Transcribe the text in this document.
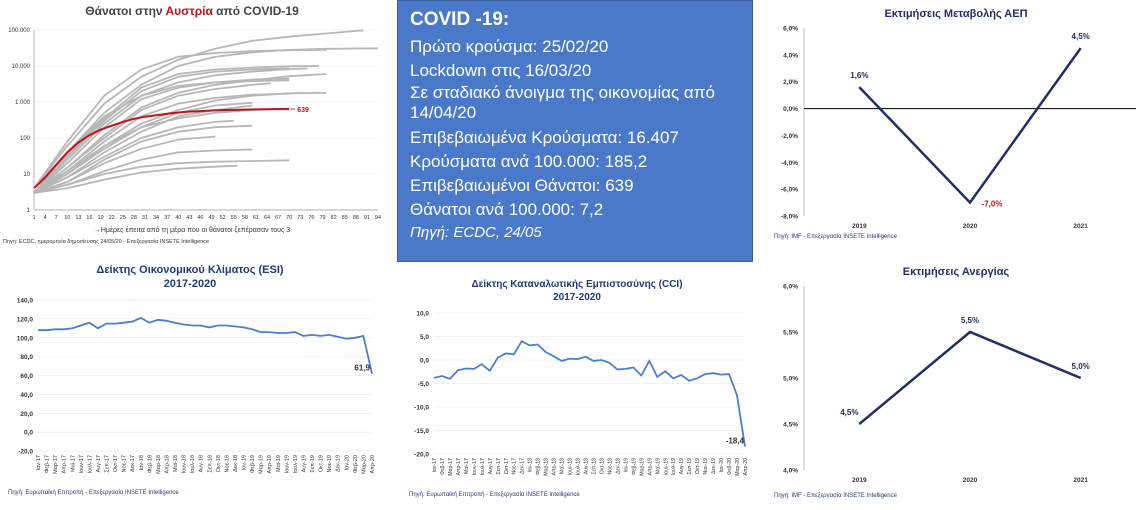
Θάνατοι στην Αυστρία από COVID-19
639
100.000
10.000
1.000
100
10
1
1 4 7 10 13 16 19 22 25 28 31 34 37 40 43 46 49 52 55 58 61 64 67 70 73 76 79 82 85 88 91 94
→Ημέρες έπειτα από τη μέρα που οι θάνατοι ξεπέρασαν τους 3
Πηγή: ECDC, ημερομηνία δημοσίευσης 24/05/20 - Επεξεργασία INSETE Intelligence
COVID -19:
Πρώτο κρούσμα: 25/02/20
Lockdown στις 16/03/20
Σε σταδιακό άνοιγμα της οικονομίας από 14/04/20
Επιβεβαιωμένα Κρούσματα: 16.407
Κρούσματα ανά 100.000: 185,2
Επιβεβαιωμένοι Θάνατοι: 639
Θάνατοι ανά 100.000: 7,2
Πηγή: ECDC, 24/05
Εκτιμήσεις Μεταβολής ΑΕΠ
6,0%
4,0%
2,0%
0,0%
-2,0%
-4,0%
-6,0%
-8,0%
2019	2020	2021
1,6%
-7,0%
4,5%
Πηγή: IMF - Επεξεργασία INSETE Intelligence
Δείκτης Οικονομικού Κλίματος (ESI)
2017-2020
140,0
120,0
100,0
80,0
60,0
40,0
20,0
0,0
-20,0
Ιαν-17 Φεβ-17 Μαρ-17 Απρ-17 Μαϊ-17 Ιουν-17 Ιουλ-17 Αυγ-17 Σεπ-17 Οκτ-17 Νοε-17 Δεκ-17 Ιαν-18 Φεβ-18 Μαρ-18 Απρ-18 Μαϊ-18 Ιουν-18 Ιουλ-18 Αυγ-18 Σεπ-18 Οκτ-18 Νοε-18 Δεκ-18 Ιαν-19 Φεβ-19 Μαρ-19 Απρ-19 Μαϊ-19 Ιουν-19 Ιουλ-19 Αυγ-19 Σεπ-19 Οκτ-19 Νοε-19 Δεκ-19 Ιαν-20 Φεβ-20 Μαρ-20 Απρ-20
61,9
Πηγή: Ευρωπαϊκή Επιτροπή - Επεξεργασία INSETE Intelligence
Δείκτης Καταναλωτικής Εμπιστοσύνης (CCI)
2017-2020
10,0
5,0
0,0
-5,0
-10,0
-15,0
-20,0
Ιαν-17 Φεβ-17 Μαρ-17 Απρ-17 Μαϊ-17 Ιουν-17 Ιουλ-17 Αυγ-17 Σεπ-17 Οκτ-17 Νοε-17 Δεκ-17 Ιαν-18 Φεβ-18 Μαρ-18 Απρ-18 Μαϊ-18 Ιουν-18 Ιουλ-18 Αυγ-18 Σεπ-18 Οκτ-18 Νοε-18 Δεκ-18 Ιαν-19 Φεβ-19 Μαρ-19 Απρ-19 Μαϊ-19 Ιουν-19 Ιουλ-19 Αυγ-19 Σεπ-19 Οκτ-19 Νοε-19 Δεκ-19 Ιαν-20 Φεβ-20 Μαρ-20 Απρ-20
-18,4
Πηγή: Ευρωπαϊκή Επιτροπή - Επεξεργασία INSETE Intelligence
Εκτιμήσεις Ανεργίας
6,0%
5,5%
5,0%
4,5%
4,0%
2019	2020	2021
4,5%
5,5%
5,0%
Πηγή: IMF - Επεξεργασία INSETE Intelligence
